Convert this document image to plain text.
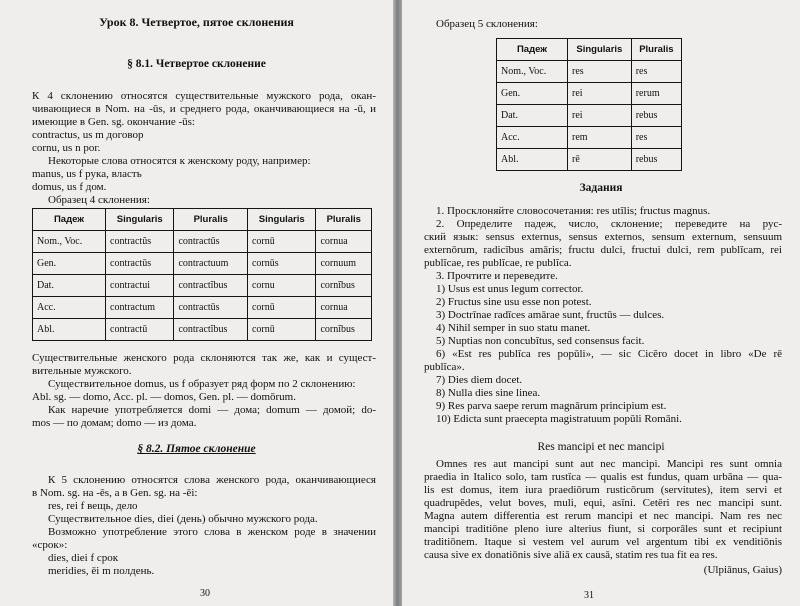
Урок 8. Четвертое, пятое склонения
§ 8.1. Четвертое склонение
К 4 склонению относятся существительные мужского рода, окан-
чивающиеся в Nom. на -ūs, и среднего рода, оканчивающиеся на -ū, и
имеющие в Gen. sg. окончание -ūs:
contractus, us m договор
cornu, us n рог.
Некоторые слова относятся к женскому роду, например:
manus, us f рука, власть
domus, us f дом.
Образец 4 склонения:
Падеж	Singularis	Pluralis	Singularis	Pluralis
Nom., Voc.	contractŭs	contractūs	cornū	cornua
Gen.	contractūs	contractuum	cornūs	cornuum
Dat.	contractui	contractĭbus	cornu	cornĭbus
Acc.	contractum	contractūs	cornū	cornua
Abl.	contractū	contractĭbus	cornū	cornĭbus
Существительные женского рода склоняются так же, как и сущест-
вительные мужского.
Существительное domus, us f образует ряд форм по 2 склонению:
Abl. sg. — domo, Acc. pl. — domos, Gen. pl. — domōrum.
Как наречие употребляется domi — дома; domum — домой; do-
mos — по домам; domo — из дома.
§ 8.2. Пятое склонение
К 5 склонению относятся слова женского рода, оканчивающиеся
в Nom. sg. на -ēs, а в Gen. sg. на -ēi:
res, rei f вещь, дело
Существительное dies, diei (день) обычно мужского рода.
Возможно употребление этого слова в женском роде в значении
«срок»:
dies, diei f срок
meridies, ēi m полдень.
30
Образец 5 склонения:
Падеж	Singularis	Pluralis
Nom., Voc.	res	res
Gen.	rei	rerum
Dat.	rei	rebus
Acc.	rem	res
Abl.	rē	rebus
Задания
1. Просклоняйте словосочетания: res utĭlis; fructus magnus.
2. Определите падеж, число, склонение; переведите на рус-
ский язык: sensus externus, sensus externos, sensum externum, sensuum
externōrum, radicĭbus amāris; fructu dulci, fructui dulci, rem publĭcam, rei
publĭcae, res publĭcae, re publĭca.
3. Прочтите и переведите.
1) Usus est unus legum corrector.
2) Fructus sine usu esse non potest.
3) Doctrīnae radīces amārae sunt, fructūs — dulces.
4) Nihil semper in suo statu manet.
5) Nuptias non concubĭtus, sed consensus facit.
6) «Est res publĭca res popŭli», — sic Cicĕro docet in libro «De rē
publĭca».
7) Dies diem docet.
8) Nulla dies sine linea.
9) Res parva saepe rerum magnārum principium est.
10) Edicta sunt praecepta magistratuum popŭli Romāni.
Res mancipi et nec mancipi
Omnes res aut mancipi sunt aut nec mancipi. Mancipi res sunt omnia
praedia in Italico solo, tam rustĭca — qualis est fundus, quam urbāna — qua-
lis est domus, item iura praediōrum rusticōrum (servitutes), item servi et
quadrupĕdes, velut boves, muli, equi, asĭni. Cetĕri res nec mancipi sunt.
Magna autem differentia est rerum mancipi et nec mancipi. Nam res nec
mancipi traditiōne pleno iure alterius fiunt, si corporāles sunt et recipiunt
traditiōnem. Itaque si vestem vel aurum vel argentum tibi ex venditiōnis
causa sive ex donatiōnis sive aliā ex causā, statim res tua fit ea res.
(Ulpiānus, Gaius)
31
